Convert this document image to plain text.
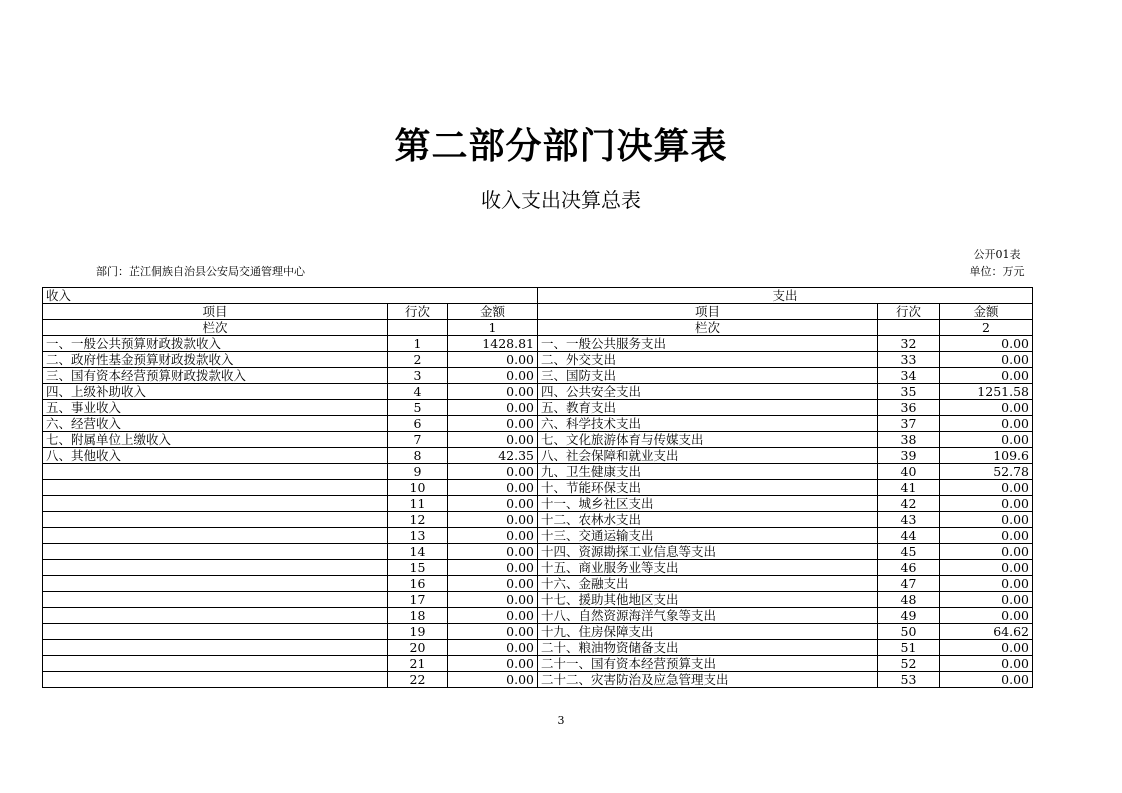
第二部分部门决算表
收入支出决算总表
公开01表
部门：芷江侗族自治县公安局交通管理中心	单位：万元
收入			支出		
项目	行次	金额	项目	行次	金额
栏次		1	栏次		2
一、一般公共预算财政拨款收入	1	1428.81	一、一般公共服务支出	32	0.00
二、政府性基金预算财政拨款收入	2	0.00	二、外交支出	33	0.00
三、国有资本经营预算财政拨款收入	3	0.00	三、国防支出	34	0.00
四、上级补助收入	4	0.00	四、公共安全支出	35	1251.58
五、事业收入	5	0.00	五、教育支出	36	0.00
六、经营收入	6	0.00	六、科学技术支出	37	0.00
七、附属单位上缴收入	7	0.00	七、文化旅游体育与传媒支出	38	0.00
八、其他收入	8	42.35	八、社会保障和就业支出	39	109.6
	9	0.00	九、卫生健康支出	40	52.78
	10	0.00	十、节能环保支出	41	0.00
	11	0.00	十一、城乡社区支出	42	0.00
	12	0.00	十二、农林水支出	43	0.00
	13	0.00	十三、交通运输支出	44	0.00
	14	0.00	十四、资源勘探工业信息等支出	45	0.00
	15	0.00	十五、商业服务业等支出	46	0.00
	16	0.00	十六、金融支出	47	0.00
	17	0.00	十七、援助其他地区支出	48	0.00
	18	0.00	十八、自然资源海洋气象等支出	49	0.00
	19	0.00	十九、住房保障支出	50	64.62
	20	0.00	二十、粮油物资储备支出	51	0.00
	21	0.00	二十一、国有资本经营预算支出	52	0.00
	22	0.00	二十二、灾害防治及应急管理支出	53	0.00
3
